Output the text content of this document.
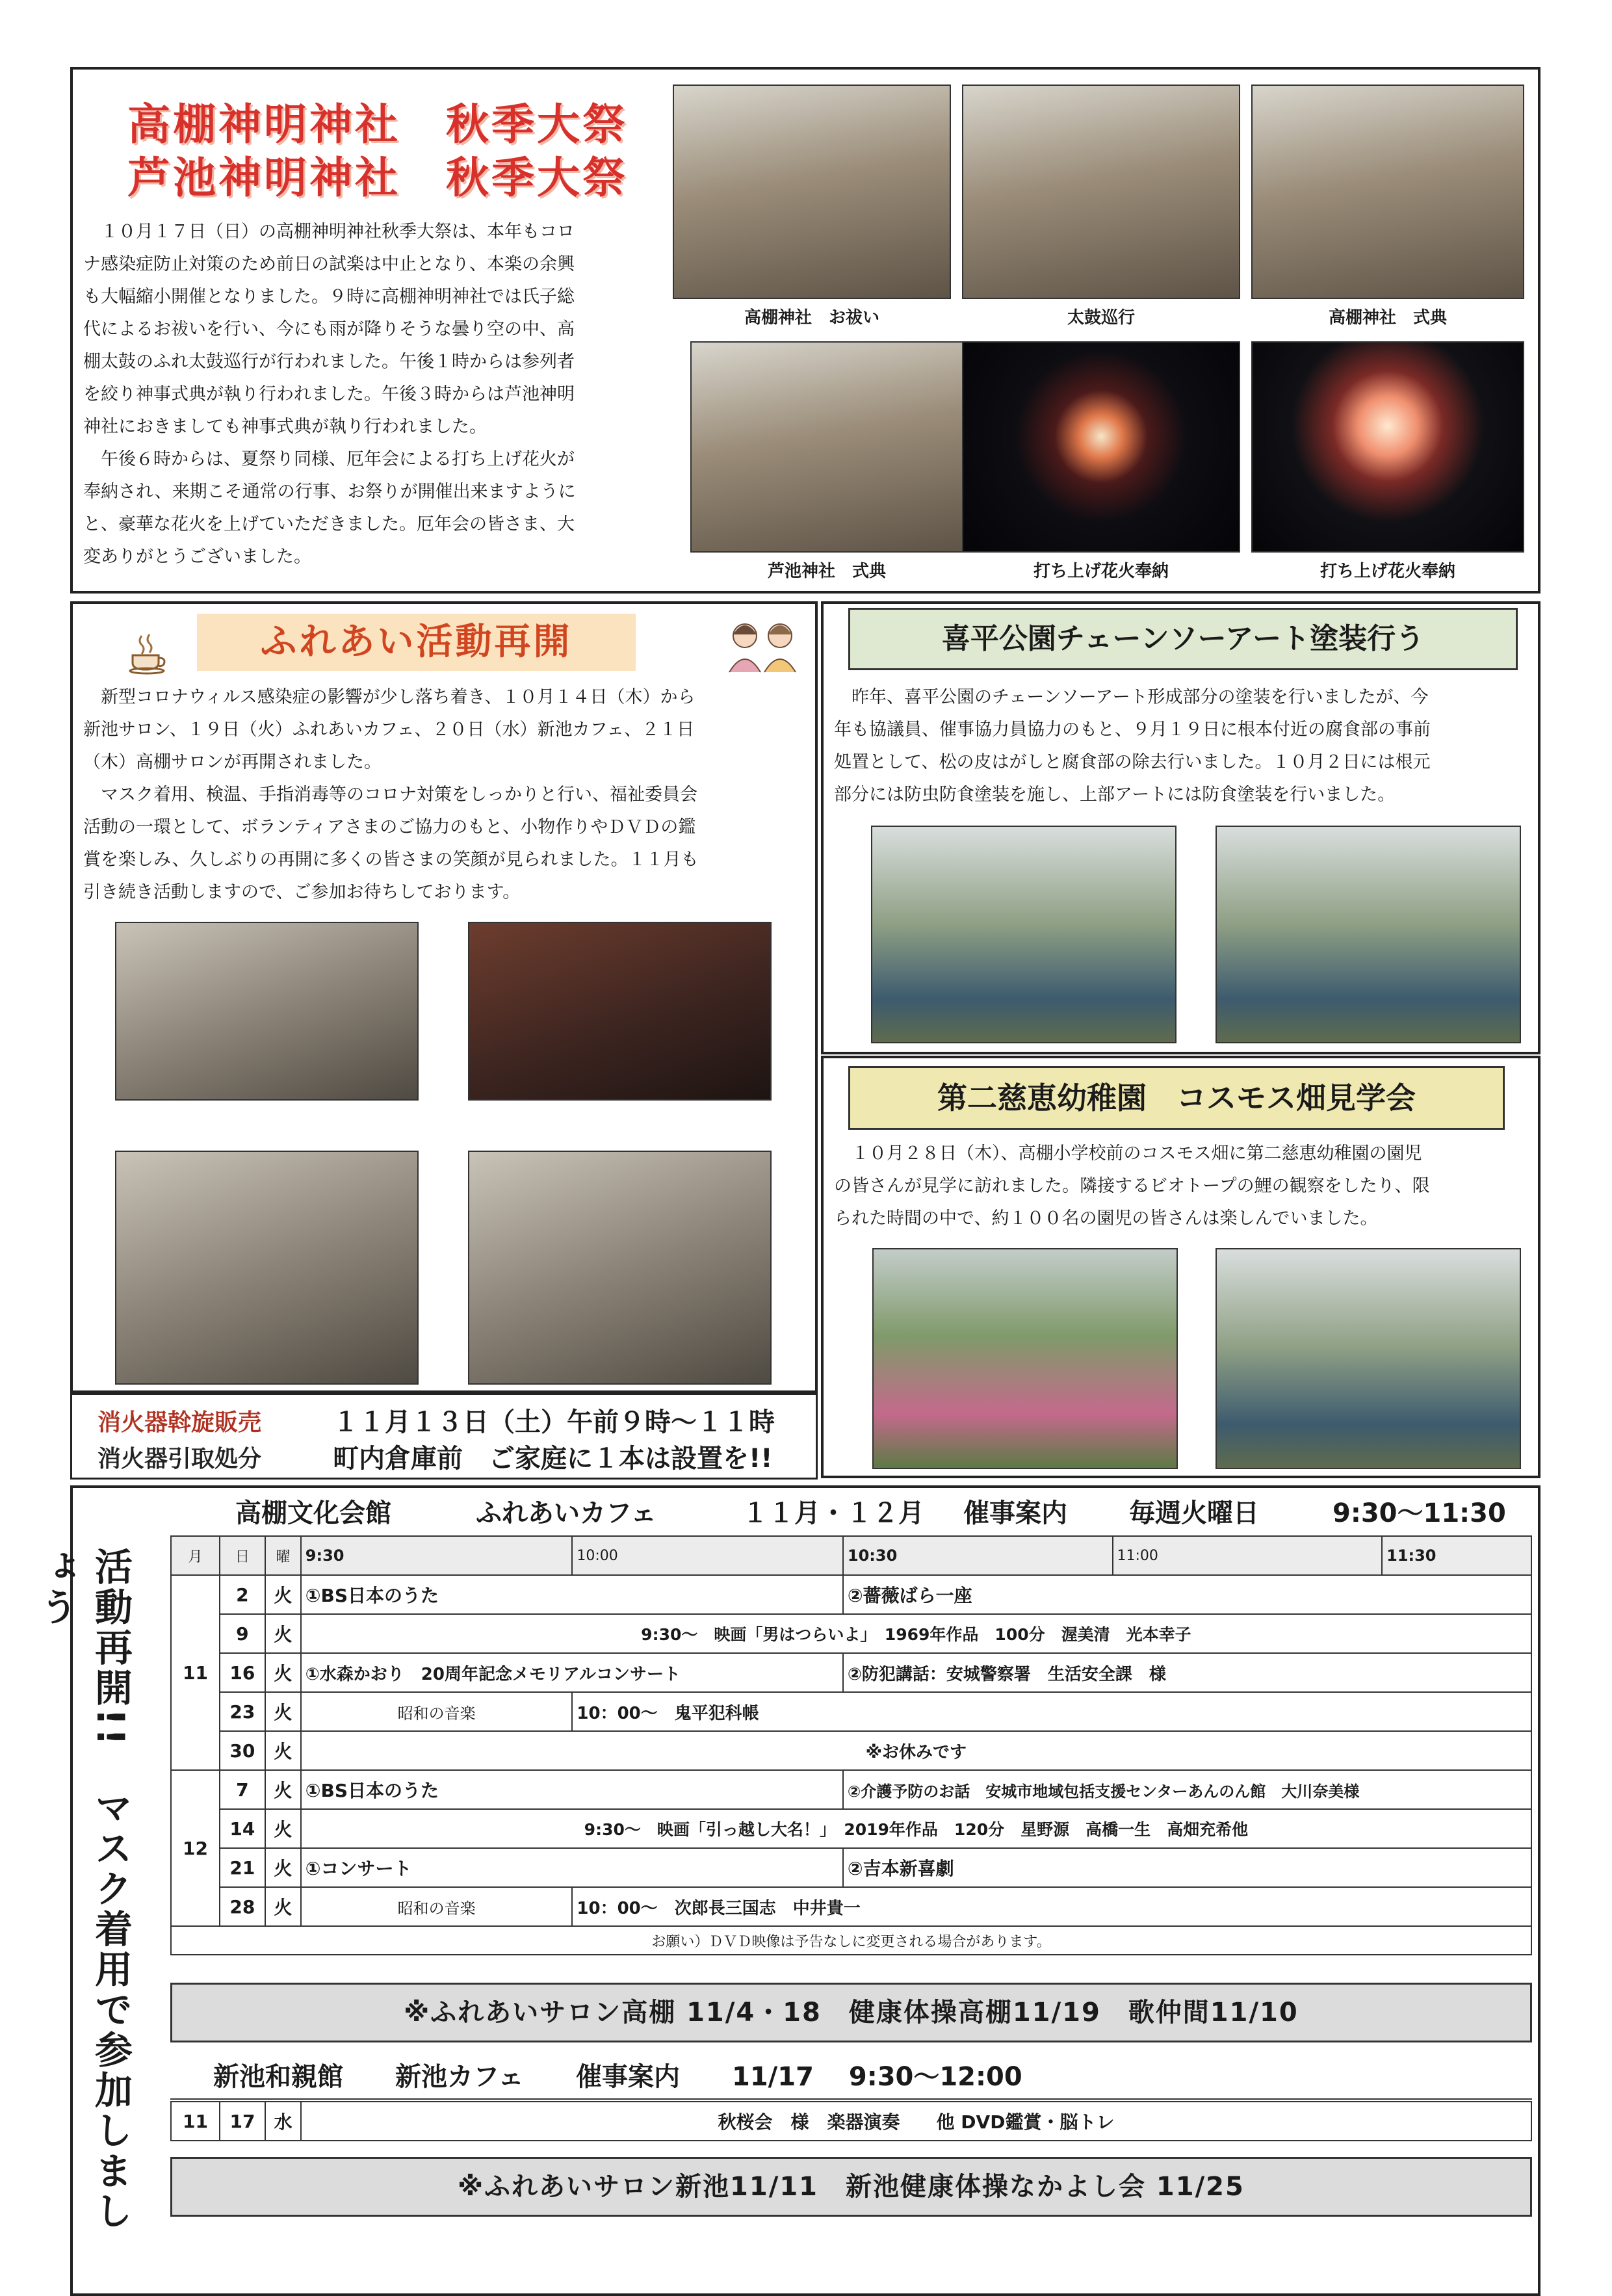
高棚神明神社　秋季大祭
芦池神明神社　秋季大祭
　１０月１７日（日）の高棚神明神社秋季大祭は、本年もコロ
ナ感染症防止対策のため前日の試楽は中止となり、本楽の余興
も大幅縮小開催となりました。９時に高棚神明神社では氏子総
代によるお祓いを行い、今にも雨が降りそうな曇り空の中、高
棚太鼓のふれ太鼓巡行が行われました。午後１時からは参列者
を絞り神事式典が執り行われました。午後３時からは芦池神明
神社におきましても神事式典が執り行われました。
　午後６時からは、夏祭り同様、厄年会による打ち上げ花火が
奉納され、来期こそ通常の行事、お祭りが開催出来ますように
と、豪華な花火を上げていただきました。厄年会の皆さま、大
変ありがとうございました。
高棚神社　お祓い	太鼓巡行	高棚神社　式典
芦池神社　式典	打ち上げ花火奉納	打ち上げ花火奉納
ふれあい活動再開
　新型コロナウィルス感染症の影響が少し落ち着き、１０月１４日（木）から
新池サロン、１９日（火）ふれあいカフェ、２０日（水）新池カフェ、２１日
（木）高棚サロンが再開されました。
　マスク着用、検温、手指消毒等のコロナ対策をしっかりと行い、福祉委員会
活動の一環として、ボランティアさまのご協力のもと、小物作りやＤＶＤの鑑
賞を楽しみ、久しぶりの再開に多くの皆さまの笑顔が見られました。１１月も
引き続き活動しますので、ご参加お待ちしております。
喜平公園チェーンソーアート塗装行う
　昨年、喜平公園のチェーンソーアート形成部分の塗装を行いましたが、今
年も協議員、催事協力員協力のもと、９月１９日に根本付近の腐食部の事前
処置として、松の皮はがしと腐食部の除去行いました。１０月２日には根元
部分には防虫防食塗装を施し、上部アートには防食塗装を行いました。
第二慈恵幼稚園　コスモス畑見学会
　１０月２８日（木）、高棚小学校前のコスモス畑に第二慈恵幼稚園の園児
の皆さんが見学に訪れました。隣接するビオトープの鯉の観察をしたり、限
られた時間の中で、約１００名の園児の皆さんは楽しんでいました。
消火器斡旋販売
消火器引取処分
１１月１３日（土）午前９時～１１時
町内倉庫前　ご家庭に１本は設置を!!
活動再開!!　マスク着用で参加しましょう
高棚文化会館	ふれあいカフェ	１１月・１２月 催事案内 毎週火曜日	9:30～11:30
月	日	曜	9:30	10:00	10:30	11:00	11:30
11	2	火	①BS日本のうた		②薔薇ばら一座		
	9	火	9:30～　映画「男はつらいよ」　1969年作品　100分　渥美清　光本幸子				
	16	火	①水森かおり　20周年記念メモリアルコンサート		②防犯講話：安城警察署　生活安全課　様		
	23	火	昭和の音楽	10：00～　鬼平犯科帳			
	30	火	※お休みです				
12	7	火	①BS日本のうた		②介護予防のお話　安城市地域包括支援センターあんのん館　大川奈美様		
	14	火	9:30～　映画「引っ越し大名！」　2019年作品　120分　星野源　高橋一生　高畑充希他				
	21	火	①コンサート		②吉本新喜劇		
	28	火	昭和の音楽	10：00～　次郎長三国志　中井貴一			
お願い）ＤＶＤ映像は予告なしに変更される場合があります。							
※ふれあいサロン高棚 11/4・18　健康体操高棚11/19　歌仲間11/10
新池和親館　　新池カフェ　　催事案内　　11/17　 9:30～12:00
11	17	水	秋桜会　様　楽器演奏　　他 DVD鑑賞・脳トレ
※ふれあいサロン新池11/11　新池健康体操なかよし会 11/25
